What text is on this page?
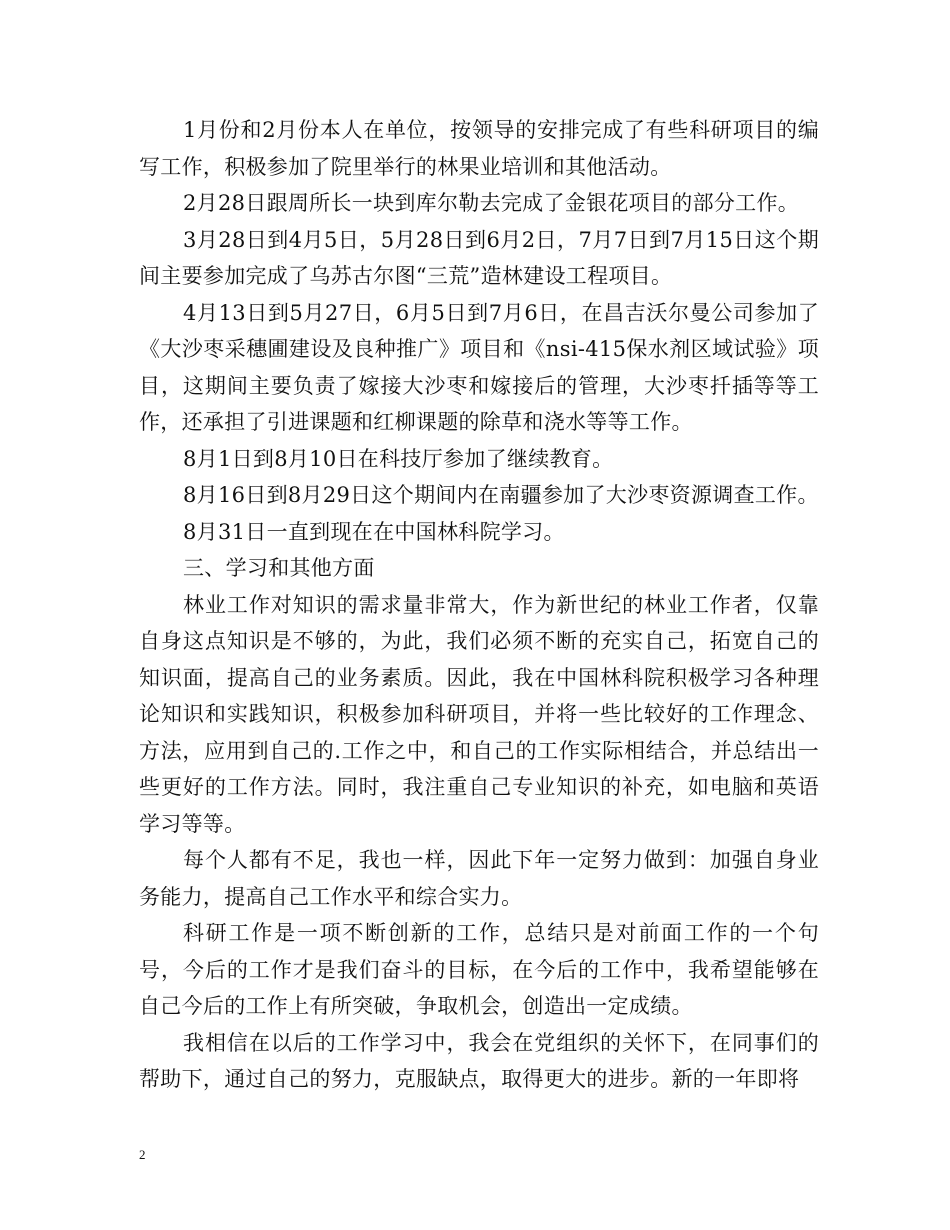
1月份和2月份本人在单位，按领导的安排完成了有些科研项目的编写工作，积极参加了院里举行的林果业培训和其他活动。

2月28日跟周所长一块到库尔勒去完成了金银花项目的部分工作。

3月28日到4月5日，5月28日到6月2日，7月7日到7月15日这个期间主要参加完成了乌苏古尔图“三荒”造林建设工程项目。

4月13日到5月27日，6月5日到7月6日，在昌吉沃尔曼公司参加了《大沙枣采穗圃建设及良种推广》项目和《nsi-415保水剂区域试验》项目，这期间主要负责了嫁接大沙枣和嫁接后的管理，大沙枣扦插等等工作，还承担了引进课题和红柳课题的除草和浇水等等工作。

8月1日到8月10日在科技厅参加了继续教育。

8月16日到8月29日这个期间内在南疆参加了大沙枣资源调查工作。

8月31日一直到现在在中国林科院学习。

三、学习和其他方面

林业工作对知识的需求量非常大，作为新世纪的林业工作者，仅靠自身这点知识是不够的，为此，我们必须不断的充实自己，拓宽自己的知识面，提高自己的业务素质。因此，我在中国林科院积极学习各种理论知识和实践知识，积极参加科研项目，并将一些比较好的工作理念、方法，应用到自己的.工作之中，和自己的工作实际相结合，并总结出一些更好的工作方法。同时，我注重自己专业知识的补充，如电脑和英语学习等等。

每个人都有不足，我也一样，因此下年一定努力做到：加强自身业务能力，提高自己工作水平和综合实力。

科研工作是一项不断创新的工作，总结只是对前面工作的一个句号，今后的工作才是我们奋斗的目标，在今后的工作中，我希望能够在自己今后的工作上有所突破，争取机会，创造出一定成绩。

我相信在以后的工作学习中，我会在党组织的关怀下，在同事们的帮助下，通过自己的努力，克服缺点，取得更大的进步。新的一年即将

2
